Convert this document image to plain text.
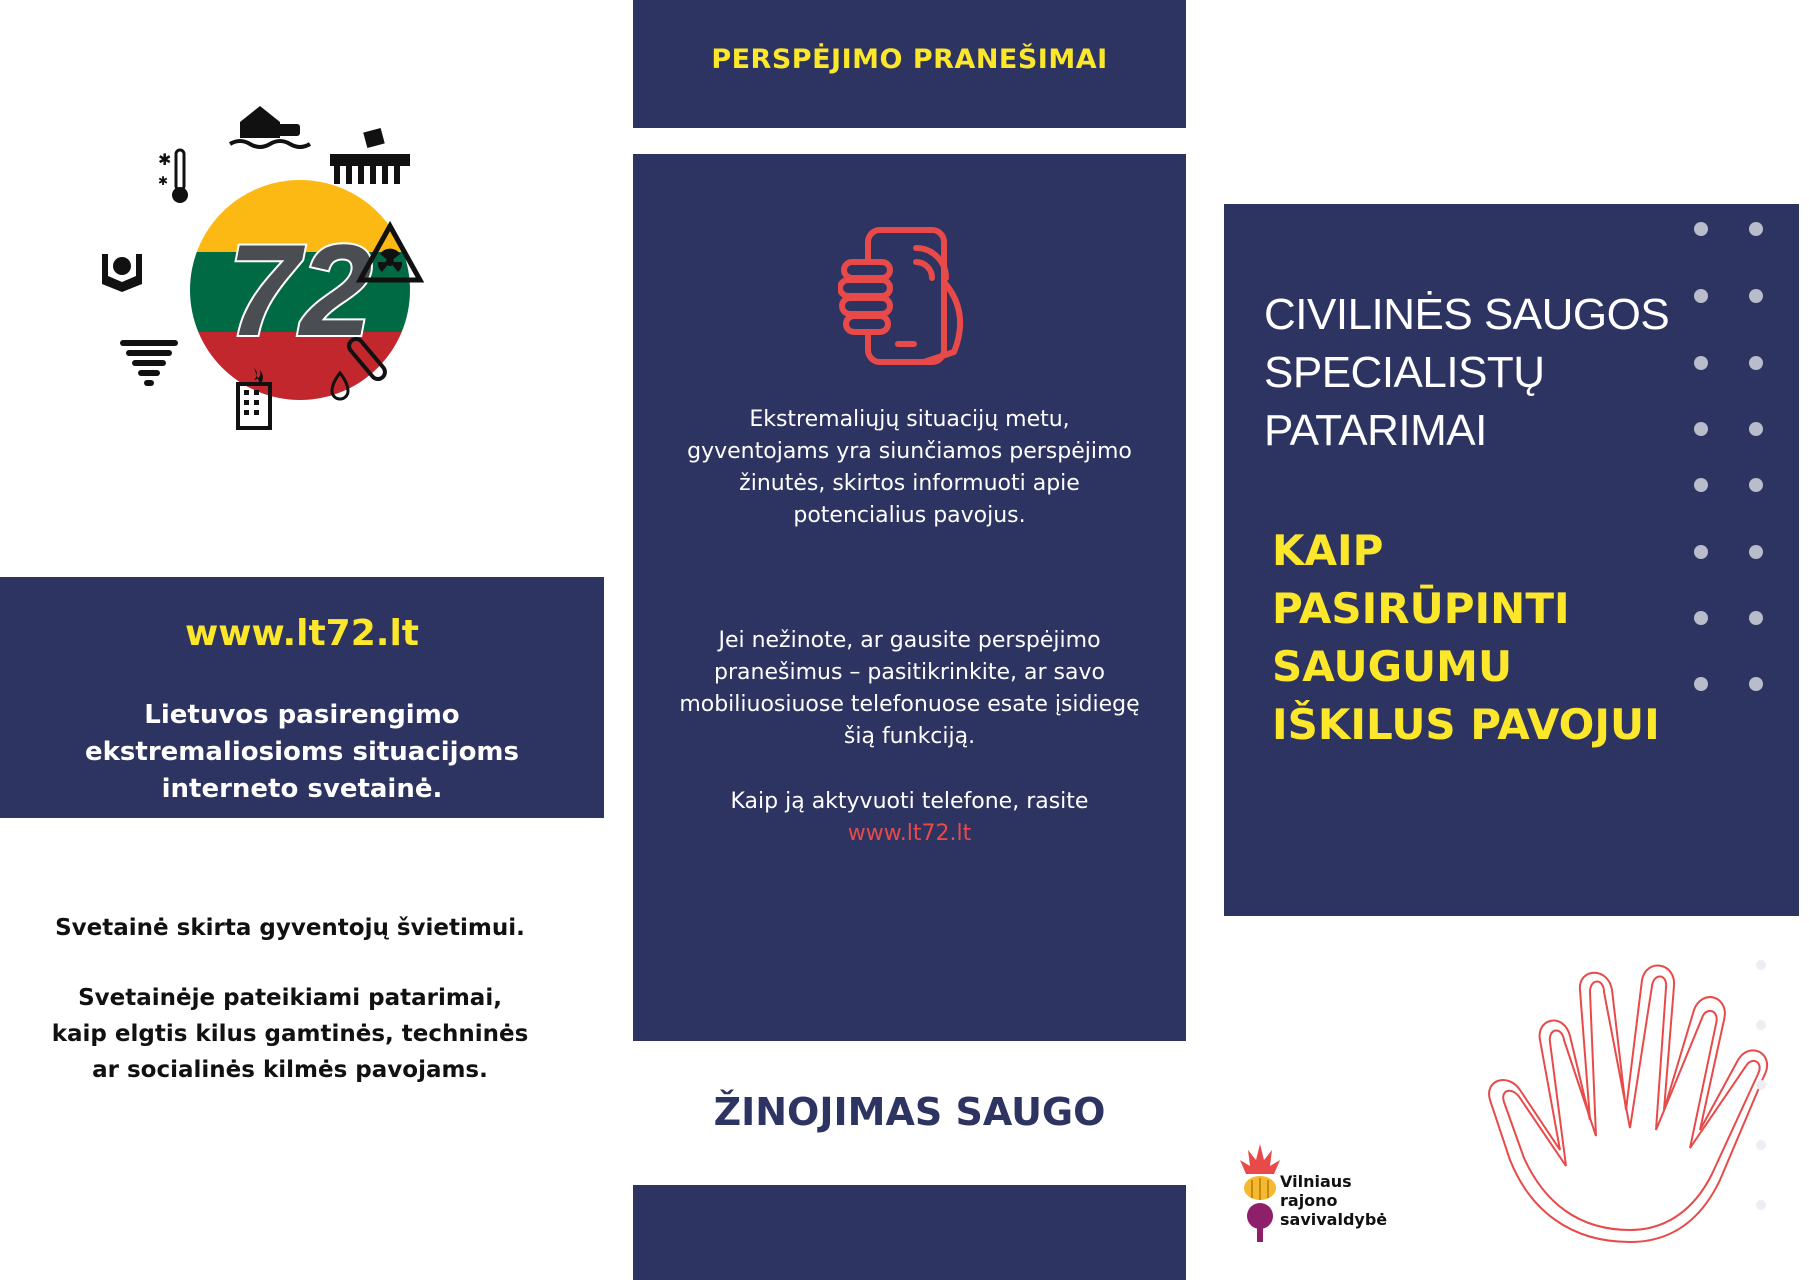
72
✱
✱
www.lt72.lt
Lietuvos pasirengimo ekstremaliosioms situacijoms interneto svetainė.
Svetainė skirta gyventojų švietimui.
Svetainėje pateikiami patarimai,
kaip elgtis kilus gamtinės, techninės
ar socialinės kilmės pavojams.
PERSPĖJIMO PRANEŠIMAI
Ekstremaliųjų situacijų metu,
gyventojams yra siunčiamos perspėjimo
žinutės, skirtos informuoti apie
potencialius pavojus.
Jei nežinote, ar gausite perspėjimo
pranešimus – pasitikrinkite, ar savo
mobiliuosiuose telefonuose esate įsidiegę
šią funkciją.
Kaip ją aktyvuoti telefone, rasite
www.lt72.lt
ŽINOJIMAS SAUGO
CIVILINĖS SAUGOS
SPECIALISTŲ
PATARIMAI
KAIP
PASIRŪPINTI
SAUGUMU
IŠKILUS PAVOJUI
Vilniaus
rajono
savivaldybė
